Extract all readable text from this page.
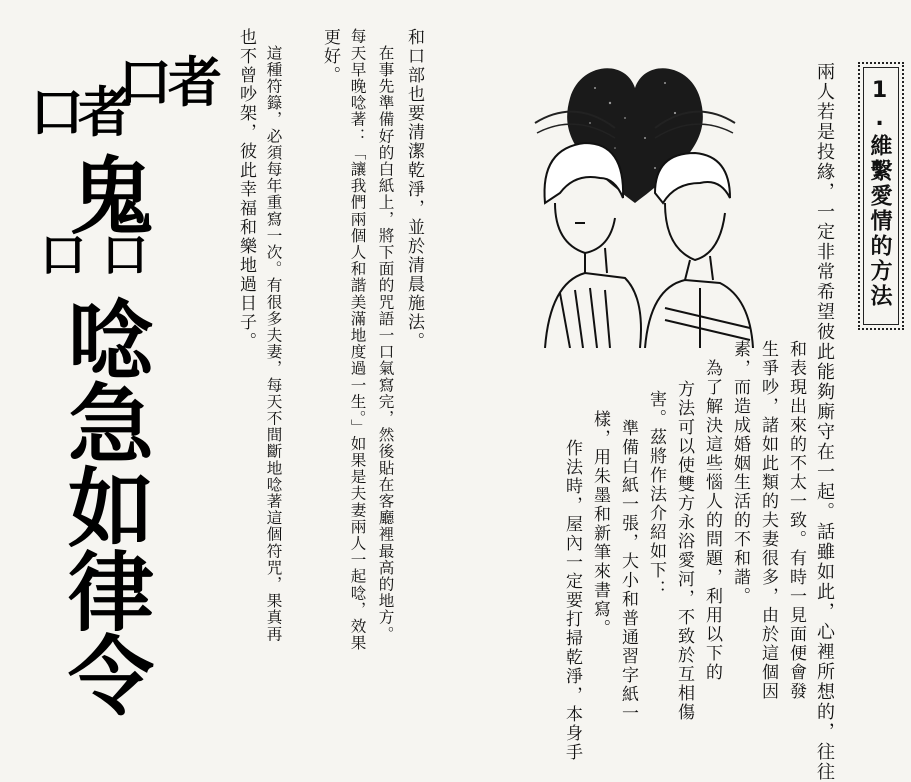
1.維繫愛情的方法
兩人若是投緣，一定非常希望彼此能夠廝守在一起。話雖如此，心裡所想的，往往
和表現出來的不太一致。有時一見面便會發
生爭吵，諸如此類的夫妻很多，由於這個因
素，而造成婚姻生活的不和諧。
　為了解決這些惱人的問題，利用以下的
方法可以使雙方永浴愛河，不致於互相傷
害。茲將作法介紹如下：
　準備白紙一張，大小和普通習字紙一
樣，用朱墨和新筆來書寫。
　作法時，屋內一定要打掃乾淨，本身手
和口部也要清潔乾淨，並於清晨施法。
　在事先準備好的白紙上，將下面的咒語一口氣寫完，然後貼在客廳裡最高的地方。
每天早晚唸著：「讓我們兩個人和諧美滿地度過一生。」如果是夫妻兩人一起唸，效果
更好。
　這種符籙，必須每年重寫一次。有很多夫妻，每天不間斷地唸著這個符咒，果真再
也不曾吵架，彼此幸福和樂地過日子。
口者
口者
鬼
口口
唸急如律令
